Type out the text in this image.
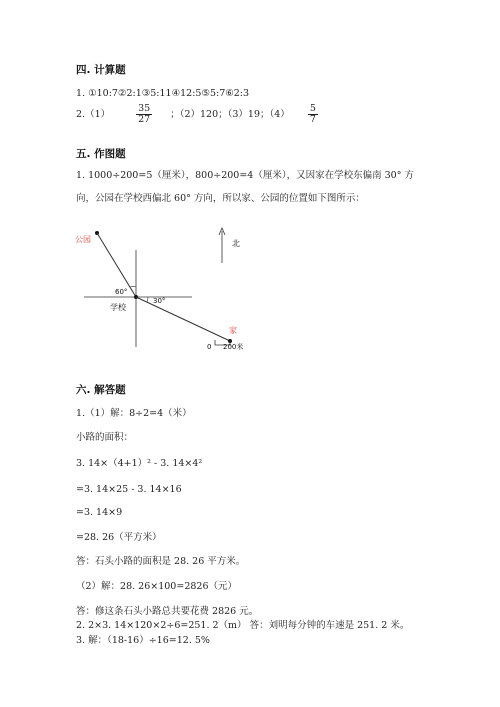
四. 计算题
1. ①10:7②2:1③5:11④12:5⑤5:7⑥2:3
2.（1）	$\frac{35}{27}$ ；（2）120；（3）19；$(4) \frac{5}{7}$
五. 作图题
1. 1000÷200=5（厘米），800÷200=4（厘米），又因家在学校东偏南 30° 方
向，公园在学校西偏北 60° 方向，所以家、公园的位置如下图所示：
公园
60°
30°
学校
家
北
0 200米
六. 解答题
1.（1）解：8÷2=4（米）
小路的面积：
3. 14×（4+1）² - 3. 14×4²
=3. 14×25 - 3. 14×16
=3. 14×9
=28. 26（平方米）
答：石头小路的面积是 28. 26 平方米。
（2）解：28. 26×100=2826（元）
答：修这条石头小路总共要花费 2826 元。
2. 2×3. 14×120×2÷6=251. 2（m） 答：刘明每分钟的车速是 251. 2 米。
3. 解：（18-16）÷16=12. 5%
